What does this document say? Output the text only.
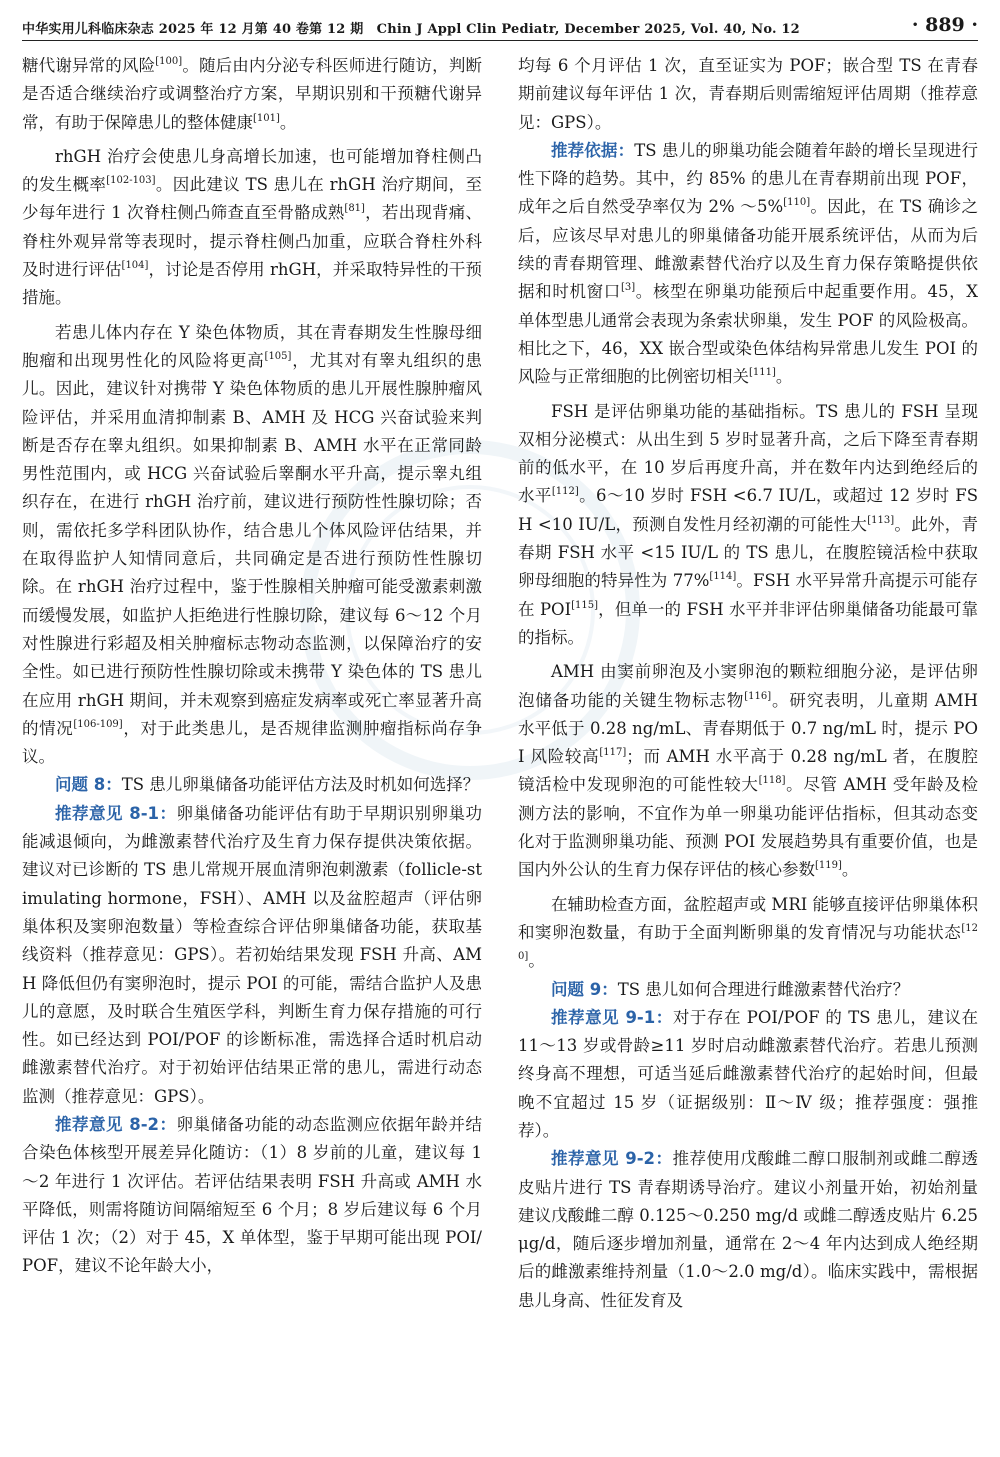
中华实用儿科临床杂志 2025 年 12 月第 40 卷第 12 期　Chin J Appl Clin Pediatr, December 2025, Vol. 40, No. 12	· 889 ·

糖代谢异常的风险[100]。随后由内分泌专科医师进行随访，判断是否适合继续治疗或调整治疗方案，早期识别和干预糖代谢异常，有助于保障患儿的整体健康[101]。

rhGH 治疗会使患儿身高增长加速，也可能增加脊柱侧凸的发生概率[102-103]。因此建议 TS 患儿在 rhGH 治疗期间，至少每年进行 1 次脊柱侧凸筛查直至骨骼成熟[81]，若出现背痛、脊柱外观异常等表现时，提示脊柱侧凸加重，应联合脊柱外科及时进行评估[104]，讨论是否停用 rhGH，并采取特异性的干预措施。

若患儿体内存在 Y 染色体物质，其在青春期发生性腺母细胞瘤和出现男性化的风险将更高[105]，尤其对有睾丸组织的患儿。因此，建议针对携带 Y 染色体物质的患儿开展性腺肿瘤风险评估，并采用血清抑制素 B、AMH 及 HCG 兴奋试验来判断是否存在睾丸组织。如果抑制素 B、AMH 水平在正常同龄男性范围内，或 HCG 兴奋试验后睾酮水平升高，提示睾丸组织存在，在进行 rhGH 治疗前，建议进行预防性性腺切除；否则，需依托多学科团队协作，结合患儿个体风险评估结果，并在取得监护人知情同意后，共同确定是否进行预防性性腺切除。在 rhGH 治疗过程中，鉴于性腺相关肿瘤可能受激素刺激而缓慢发展，如监护人拒绝进行性腺切除，建议每 6～12 个月对性腺进行彩超及相关肿瘤标志物动态监测，以保障治疗的安全性。如已进行预防性性腺切除或未携带 Y 染色体的 TS 患儿在应用 rhGH 期间，并未观察到癌症发病率或死亡率显著升高的情况[106-109]，对于此类患儿，是否规律监测肿瘤指标尚存争议。

问题 8：TS 患儿卵巢储备功能评估方法及时机如何选择？

推荐意见 8-1：卵巢储备功能评估有助于早期识别卵巢功能减退倾向，为雌激素替代治疗及生育力保存提供决策依据。建议对已诊断的 TS 患儿常规开展血清卵泡刺激素（follicle-stimulating hormone，FSH）、AMH 以及盆腔超声（评估卵巢体积及窦卵泡数量）等检查综合评估卵巢储备功能，获取基线资料（推荐意见：GPS）。若初始结果发现 FSH 升高、AMH 降低但仍有窦卵泡时，提示 POI 的可能，需结合监护人及患儿的意愿，及时联合生殖医学科，判断生育力保存措施的可行性。如已经达到 POI/POF 的诊断标准，需选择合适时机启动雌激素替代治疗。对于初始评估结果正常的患儿，需进行动态监测（推荐意见：GPS）。

推荐意见 8-2：卵巢储备功能的动态监测应依据年龄并结合染色体核型开展差异化随访：（1）8 岁前的儿童，建议每 1～2 年进行 1 次评估。若评估结果表明 FSH 升高或 AMH 水平降低，则需将随访间隔缩短至 6 个月；8 岁后建议每 6 个月评估 1 次；（2）对于 45，X 单体型，鉴于早期可能出现 POI/POF，建议不论年龄大小，

均每 6 个月评估 1 次，直至证实为 POF；嵌合型 TS 在青春期前建议每年评估 1 次，青春期后则需缩短评估周期（推荐意见：GPS）。

推荐依据：TS 患儿的卵巢功能会随着年龄的增长呈现进行性下降的趋势。其中，约 85% 的患儿在青春期前出现 POF，成年之后自然受孕率仅为 2% ～5%[110]。因此，在 TS 确诊之后，应该尽早对患儿的卵巢储备功能开展系统评估，从而为后续的青春期管理、雌激素替代治疗以及生育力保存策略提供依据和时机窗口[3]。核型在卵巢功能预后中起重要作用。45，X 单体型患儿通常会表现为条索状卵巢，发生 POF 的风险极高。相比之下，46，XX 嵌合型或染色体结构异常患儿发生 POI 的风险与正常细胞的比例密切相关[111]。

FSH 是评估卵巢功能的基础指标。TS 患儿的 FSH 呈现双相分泌模式：从出生到 5 岁时显著升高，之后下降至青春期前的低水平，在 10 岁后再度升高，并在数年内达到绝经后的水平[112]。6～10 岁时 FSH <6.7 IU/L，或超过 12 岁时 FSH <10 IU/L，预测自发性月经初潮的可能性大[113]。此外，青春期 FSH 水平 <15 IU/L 的 TS 患儿，在腹腔镜活检中获取卵母细胞的特异性为 77%[114]。FSH 水平异常升高提示可能存在 POI[115]，但单一的 FSH 水平并非评估卵巢储备功能最可靠的指标。

AMH 由窦前卵泡及小窦卵泡的颗粒细胞分泌，是评估卵泡储备功能的关键生物标志物[116]。研究表明，儿童期 AMH 水平低于 0.28 ng/mL、青春期低于 0.7 ng/mL 时，提示 POI 风险较高[117]；而 AMH 水平高于 0.28 ng/mL 者，在腹腔镜活检中发现卵泡的可能性较大[118]。尽管 AMH 受年龄及检测方法的影响，不宜作为单一卵巢功能评估指标，但其动态变化对于监测卵巢功能、预测 POI 发展趋势具有重要价值，也是国内外公认的生育力保存评估的核心参数[119]。

在辅助检查方面，盆腔超声或 MRI 能够直接评估卵巢体积和窦卵泡数量，有助于全面判断卵巢的发育情况与功能状态[120]。

问题 9：TS 患儿如何合理进行雌激素替代治疗？

推荐意见 9-1：对于存在 POI/POF 的 TS 患儿，建议在 11～13 岁或骨龄≥11 岁时启动雌激素替代治疗。若患儿预测终身高不理想，可适当延后雌激素替代治疗的起始时间，但最晚不宜超过 15 岁（证据级别：Ⅱ～Ⅳ 级；推荐强度：强推荐）。

推荐意见 9-2：推荐使用戊酸雌二醇口服制剂或雌二醇透皮贴片进行 TS 青春期诱导治疗。建议小剂量开始，初始剂量建议戊酸雌二醇 0.125～0.250 mg/d 或雌二醇透皮贴片 6.25 μg/d，随后逐步增加剂量，通常在 2～4 年内达到成人绝经期后的雌激素维持剂量（1.0～2.0 mg/d）。临床实践中，需根据患儿身高、性征发育及
